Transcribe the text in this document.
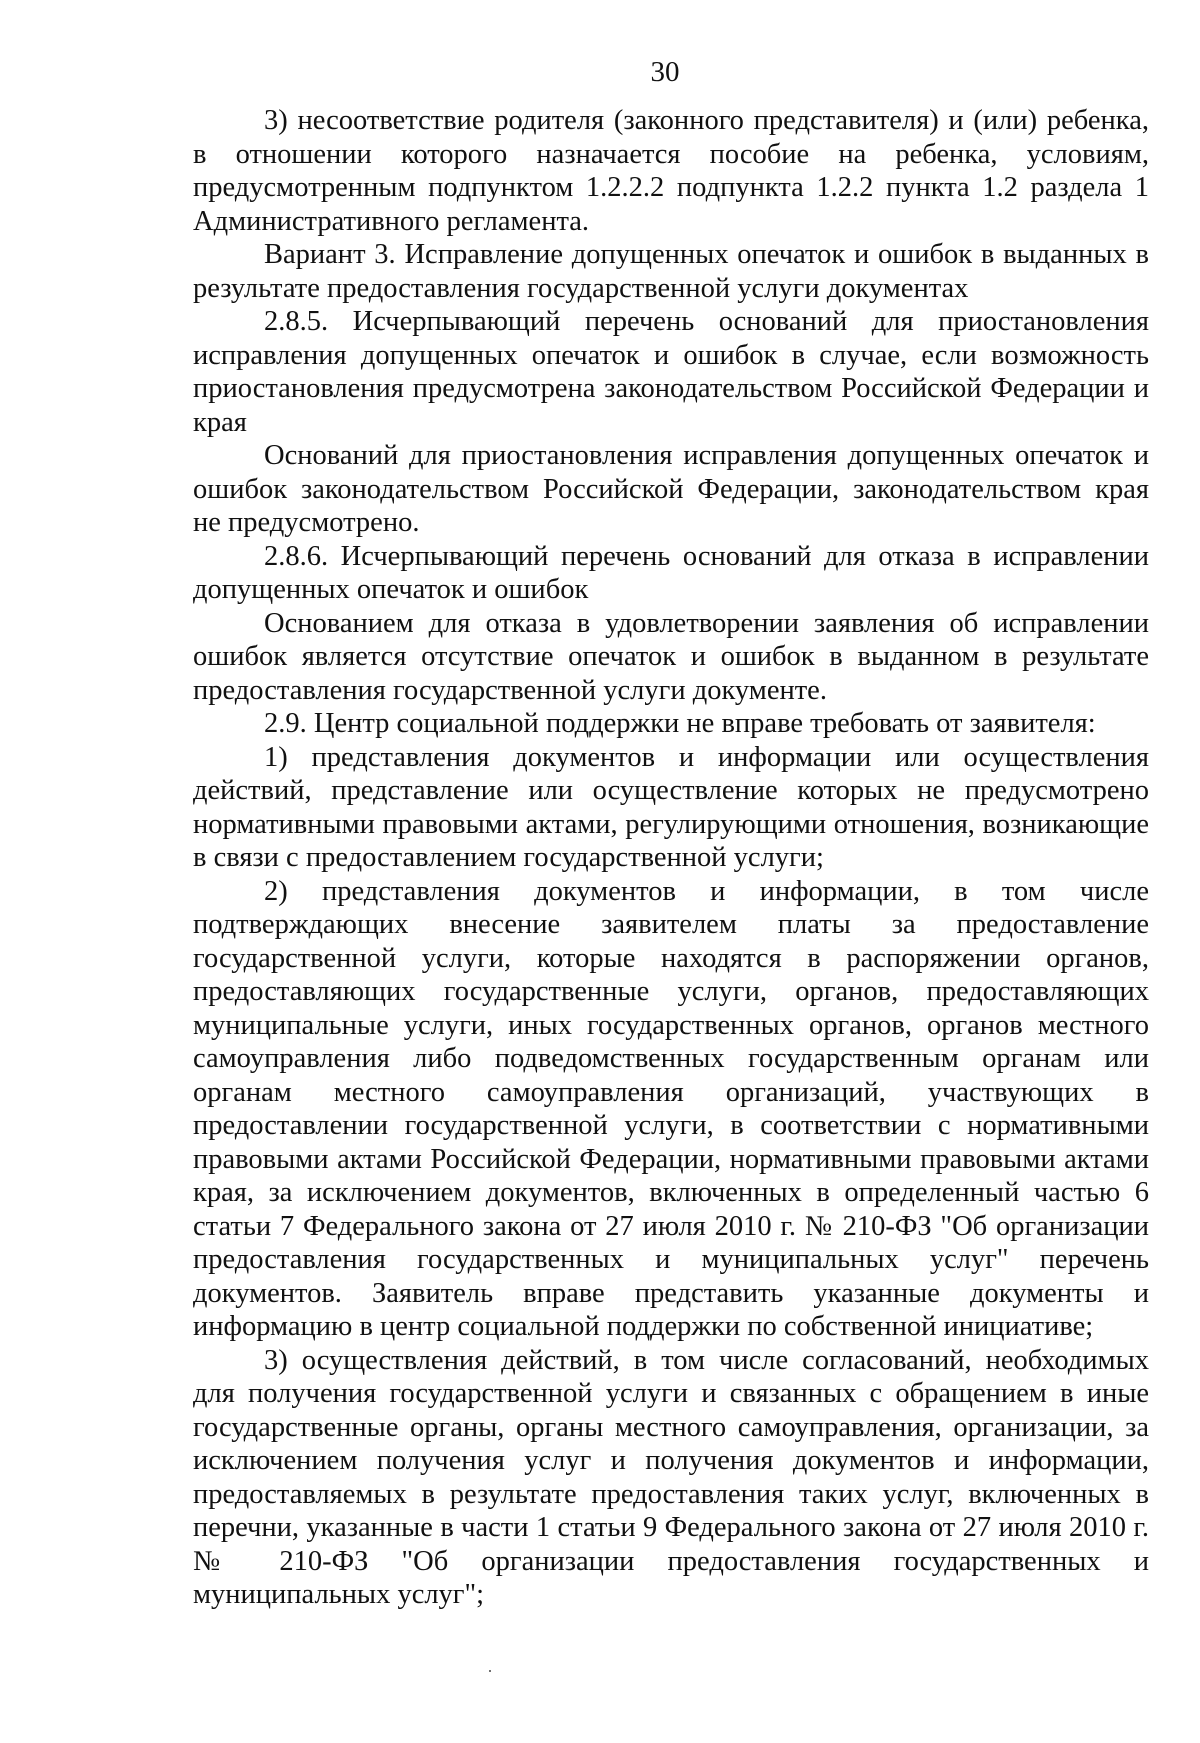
30

3) несоответствие родителя (законного представителя) и (или) ребенка, в отношении которого назначается пособие на ребенка, условиям, предусмотренным подпунктом 1.2.2.2 подпункта 1.2.2 пункта 1.2 раздела 1 Административного регламента.

Вариант 3. Исправление допущенных опечаток и ошибок в выданных в результате предоставления государственной услуги документах

2.8.5. Исчерпывающий перечень оснований для приостановления исправления допущенных опечаток и ошибок в случае, если возможность приостановления предусмотрена законодательством Российской Федерации и края

Оснований для приостановления исправления допущенных опечаток и ошибок законодательством Российской Федерации, законодательством края не предусмотрено.

2.8.6. Исчерпывающий перечень оснований для отказа в исправлении допущенных опечаток и ошибок

Основанием для отказа в удовлетворении заявления об исправлении ошибок является отсутствие опечаток и ошибок в выданном в результате предоставления государственной услуги документе.

2.9. Центр социальной поддержки не вправе требовать от заявителя:

1) представления документов и информации или осуществления действий, представление или осуществление которых не предусмотрено нормативными правовыми актами, регулирующими отношения, возникающие в связи с предоставлением государственной услуги;

2) представления документов и информации, в том числе подтверждающих внесение заявителем платы за предоставление государственной услуги, которые находятся в распоряжении органов, предоставляющих государственные услуги, органов, предоставляющих муниципальные услуги, иных государственных органов, органов местного самоуправления либо подведомственных государственным органам или органам местного самоуправления организаций, участвующих в предоставлении государственной услуги, в соответствии с нормативными правовыми актами Российской Федерации, нормативными правовыми актами края, за исключением документов, включенных в определенный частью 6 статьи 7 Федерального закона от 27 июля 2010 г. № 210-ФЗ "Об организации предоставления государственных и муниципальных услуг" перечень документов. Заявитель вправе представить указанные документы и информацию в центр социальной поддержки по собственной инициативе;

3) осуществления действий, в том числе согласований, необходимых для получения государственной услуги и связанных с обращением в иные государственные органы, органы местного самоуправления, организации, за исключением получения услуг и получения документов и информации, предоставляемых в результате предоставления таких услуг, включенных в перечни, указанные в части 1 статьи 9 Федерального закона от 27 июля 2010 г. № 210-ФЗ "Об организации предоставления государственных и муниципальных услуг";
